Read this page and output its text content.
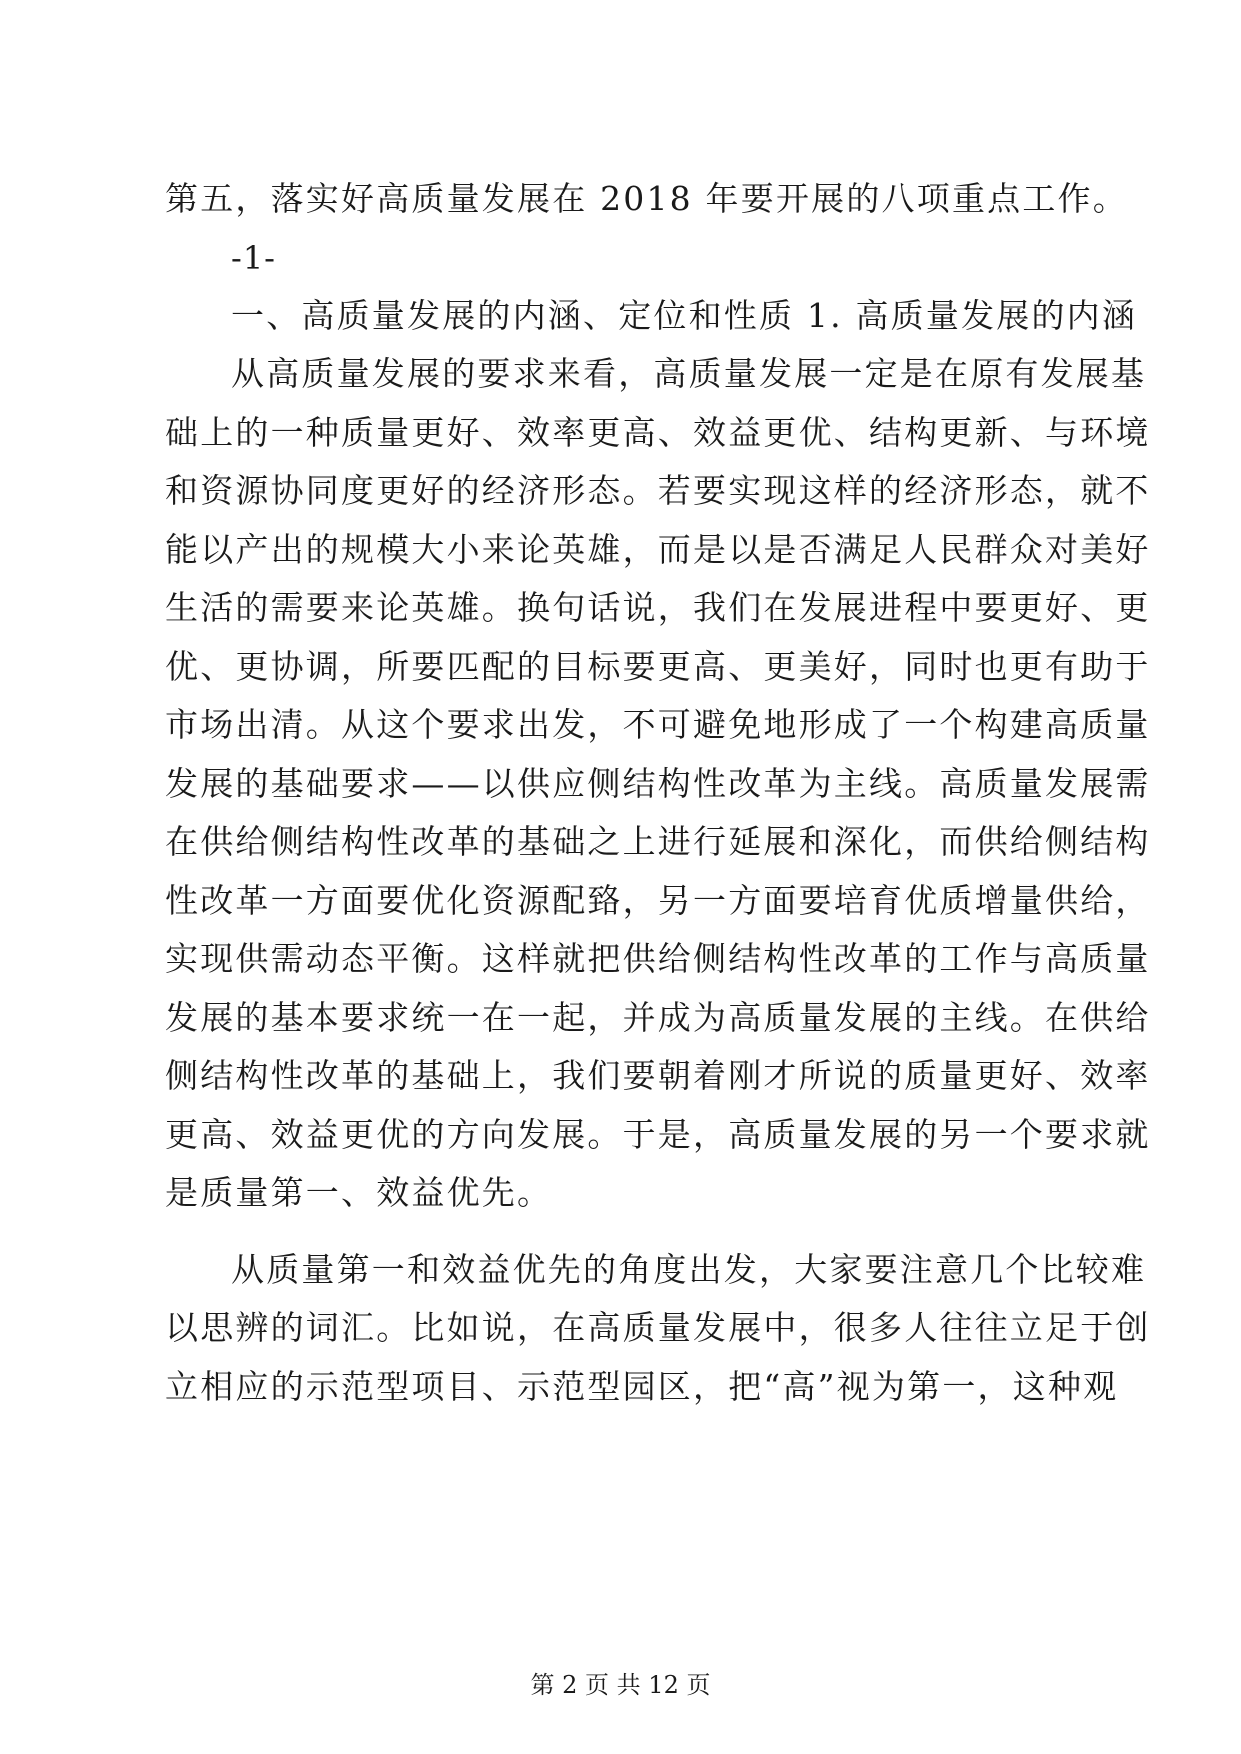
第五，落实好高质量发展在 2018 年要开展的八项重点工作。
-1-
一、高质量发展的内涵、定位和性质 1. 高质量发展的内涵
从高质量发展的要求来看，高质量发展一定是在原有发展基
础上的一种质量更好、效率更高、效益更优、结构更新、与环境
和资源协同度更好的经济形态。若要实现这样的经济形态，就不
能以产出的规模大小来论英雄，而是以是否满足人民群众对美好
生活的需要来论英雄。换句话说，我们在发展进程中要更好、更
优、更协调，所要匹配的目标要更高、更美好，同时也更有助于
市场出清。从这个要求出发，不可避免地形成了一个构建高质量
发展的基础要求——以供应侧结构性改革为主线。高质量发展需
在供给侧结构性改革的基础之上进行延展和深化，而供给侧结构
性改革一方面要优化资源配臵，另一方面要培育优质增量供给，
实现供需动态平衡。这样就把供给侧结构性改革的工作与高质量
发展的基本要求统一在一起，并成为高质量发展的主线。在供给
侧结构性改革的基础上，我们要朝着刚才所说的质量更好、效率
更高、效益更优的方向发展。于是，高质量发展的另一个要求就
是质量第一、效益优先。
从质量第一和效益优先的角度出发，大家要注意几个比较难
以思辨的词汇。比如说，在高质量发展中，很多人往往立足于创
立相应的示范型项目、示范型园区，把“高”视为第一，这种观
第 2 页 共 12 页
